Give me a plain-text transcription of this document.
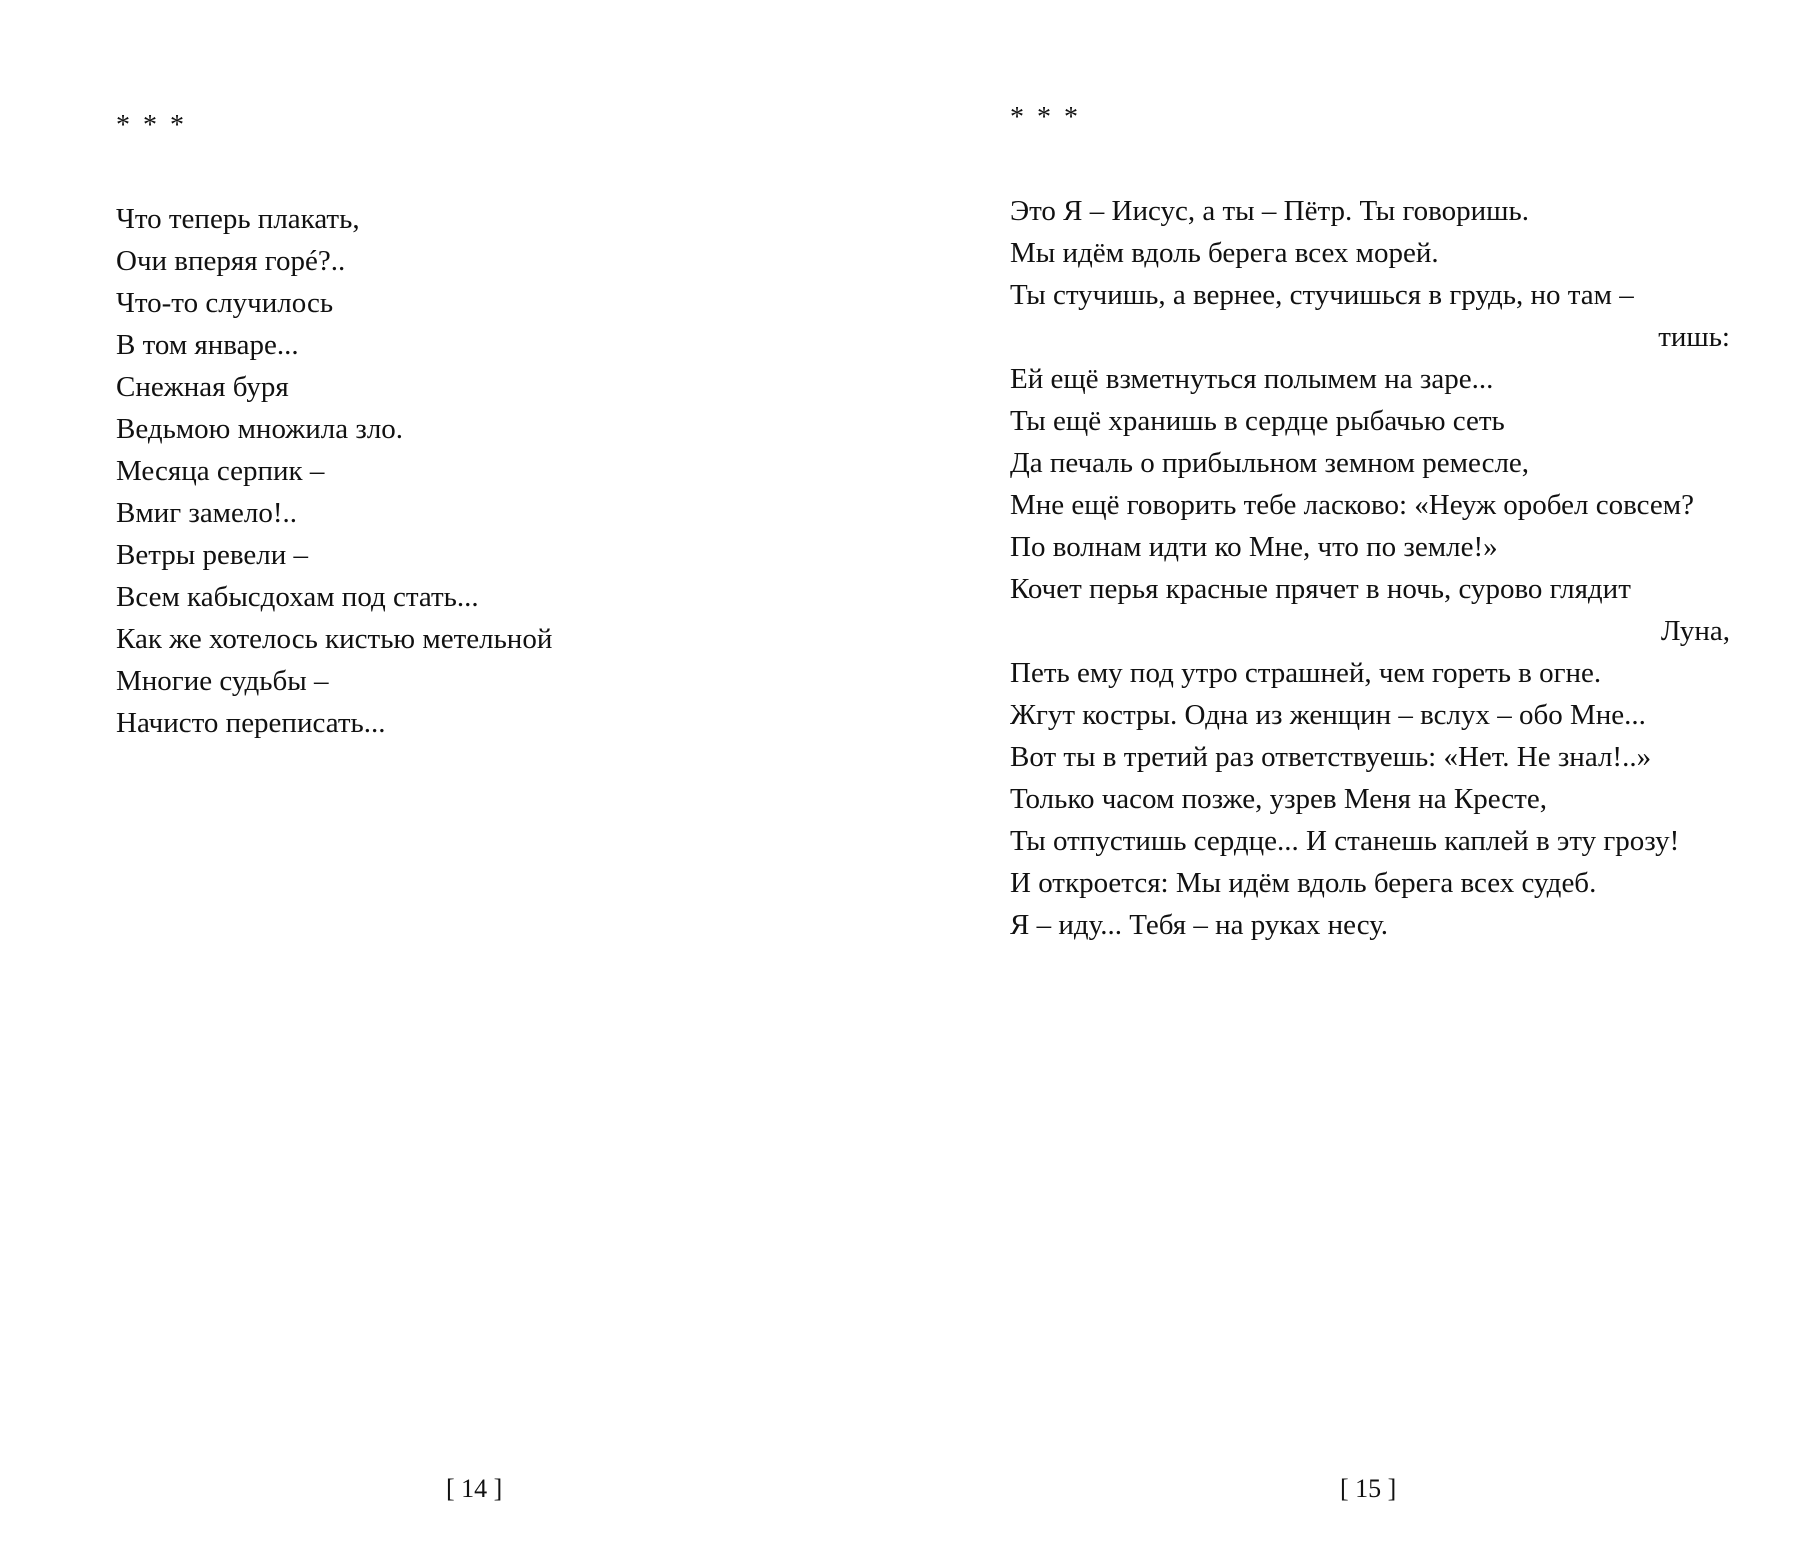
* * *
Что теперь плакать,
Очи вперяя горé?..
Что-то случилось
В том январе...
Снежная буря
Ведьмою множила зло.
Месяца серпик –
Вмиг замело!..
Ветры ревели –
Всем кабысдохам под стать...
Как же хотелось кистью метельной
Многие судьбы –
Начисто переписать...
[ 14 ]
* * *
Это Я – Иисус, а ты – Пётр. Ты говоришь.
Мы идём вдоль берега всех морей.
Ты стучишь, а вернее, стучишься в грудь, но там –
тишь:
Ей ещё взметнуться полымем на заре...
Ты ещё хранишь в сердце рыбачью сеть
Да печаль о прибыльном земном ремесле,
Мне ещё говорить тебе ласково: «Неуж оробел совсем?
По волнам идти ко Мне, что по земле!»
Кочет перья красные прячет в ночь, сурово глядит
Луна,
Петь ему под утро страшней, чем гореть в огне.
Жгут костры. Одна из женщин – вслух – обо Мне...
Вот ты в третий раз ответствуешь: «Нет. Не знал!..»
Только часом позже, узрев Меня на Кресте,
Ты отпустишь сердце... И станешь каплей в эту грозу!
И откроется: Мы идём вдоль берега всех судеб.
Я – иду... Тебя – на руках несу.
[ 15 ]
